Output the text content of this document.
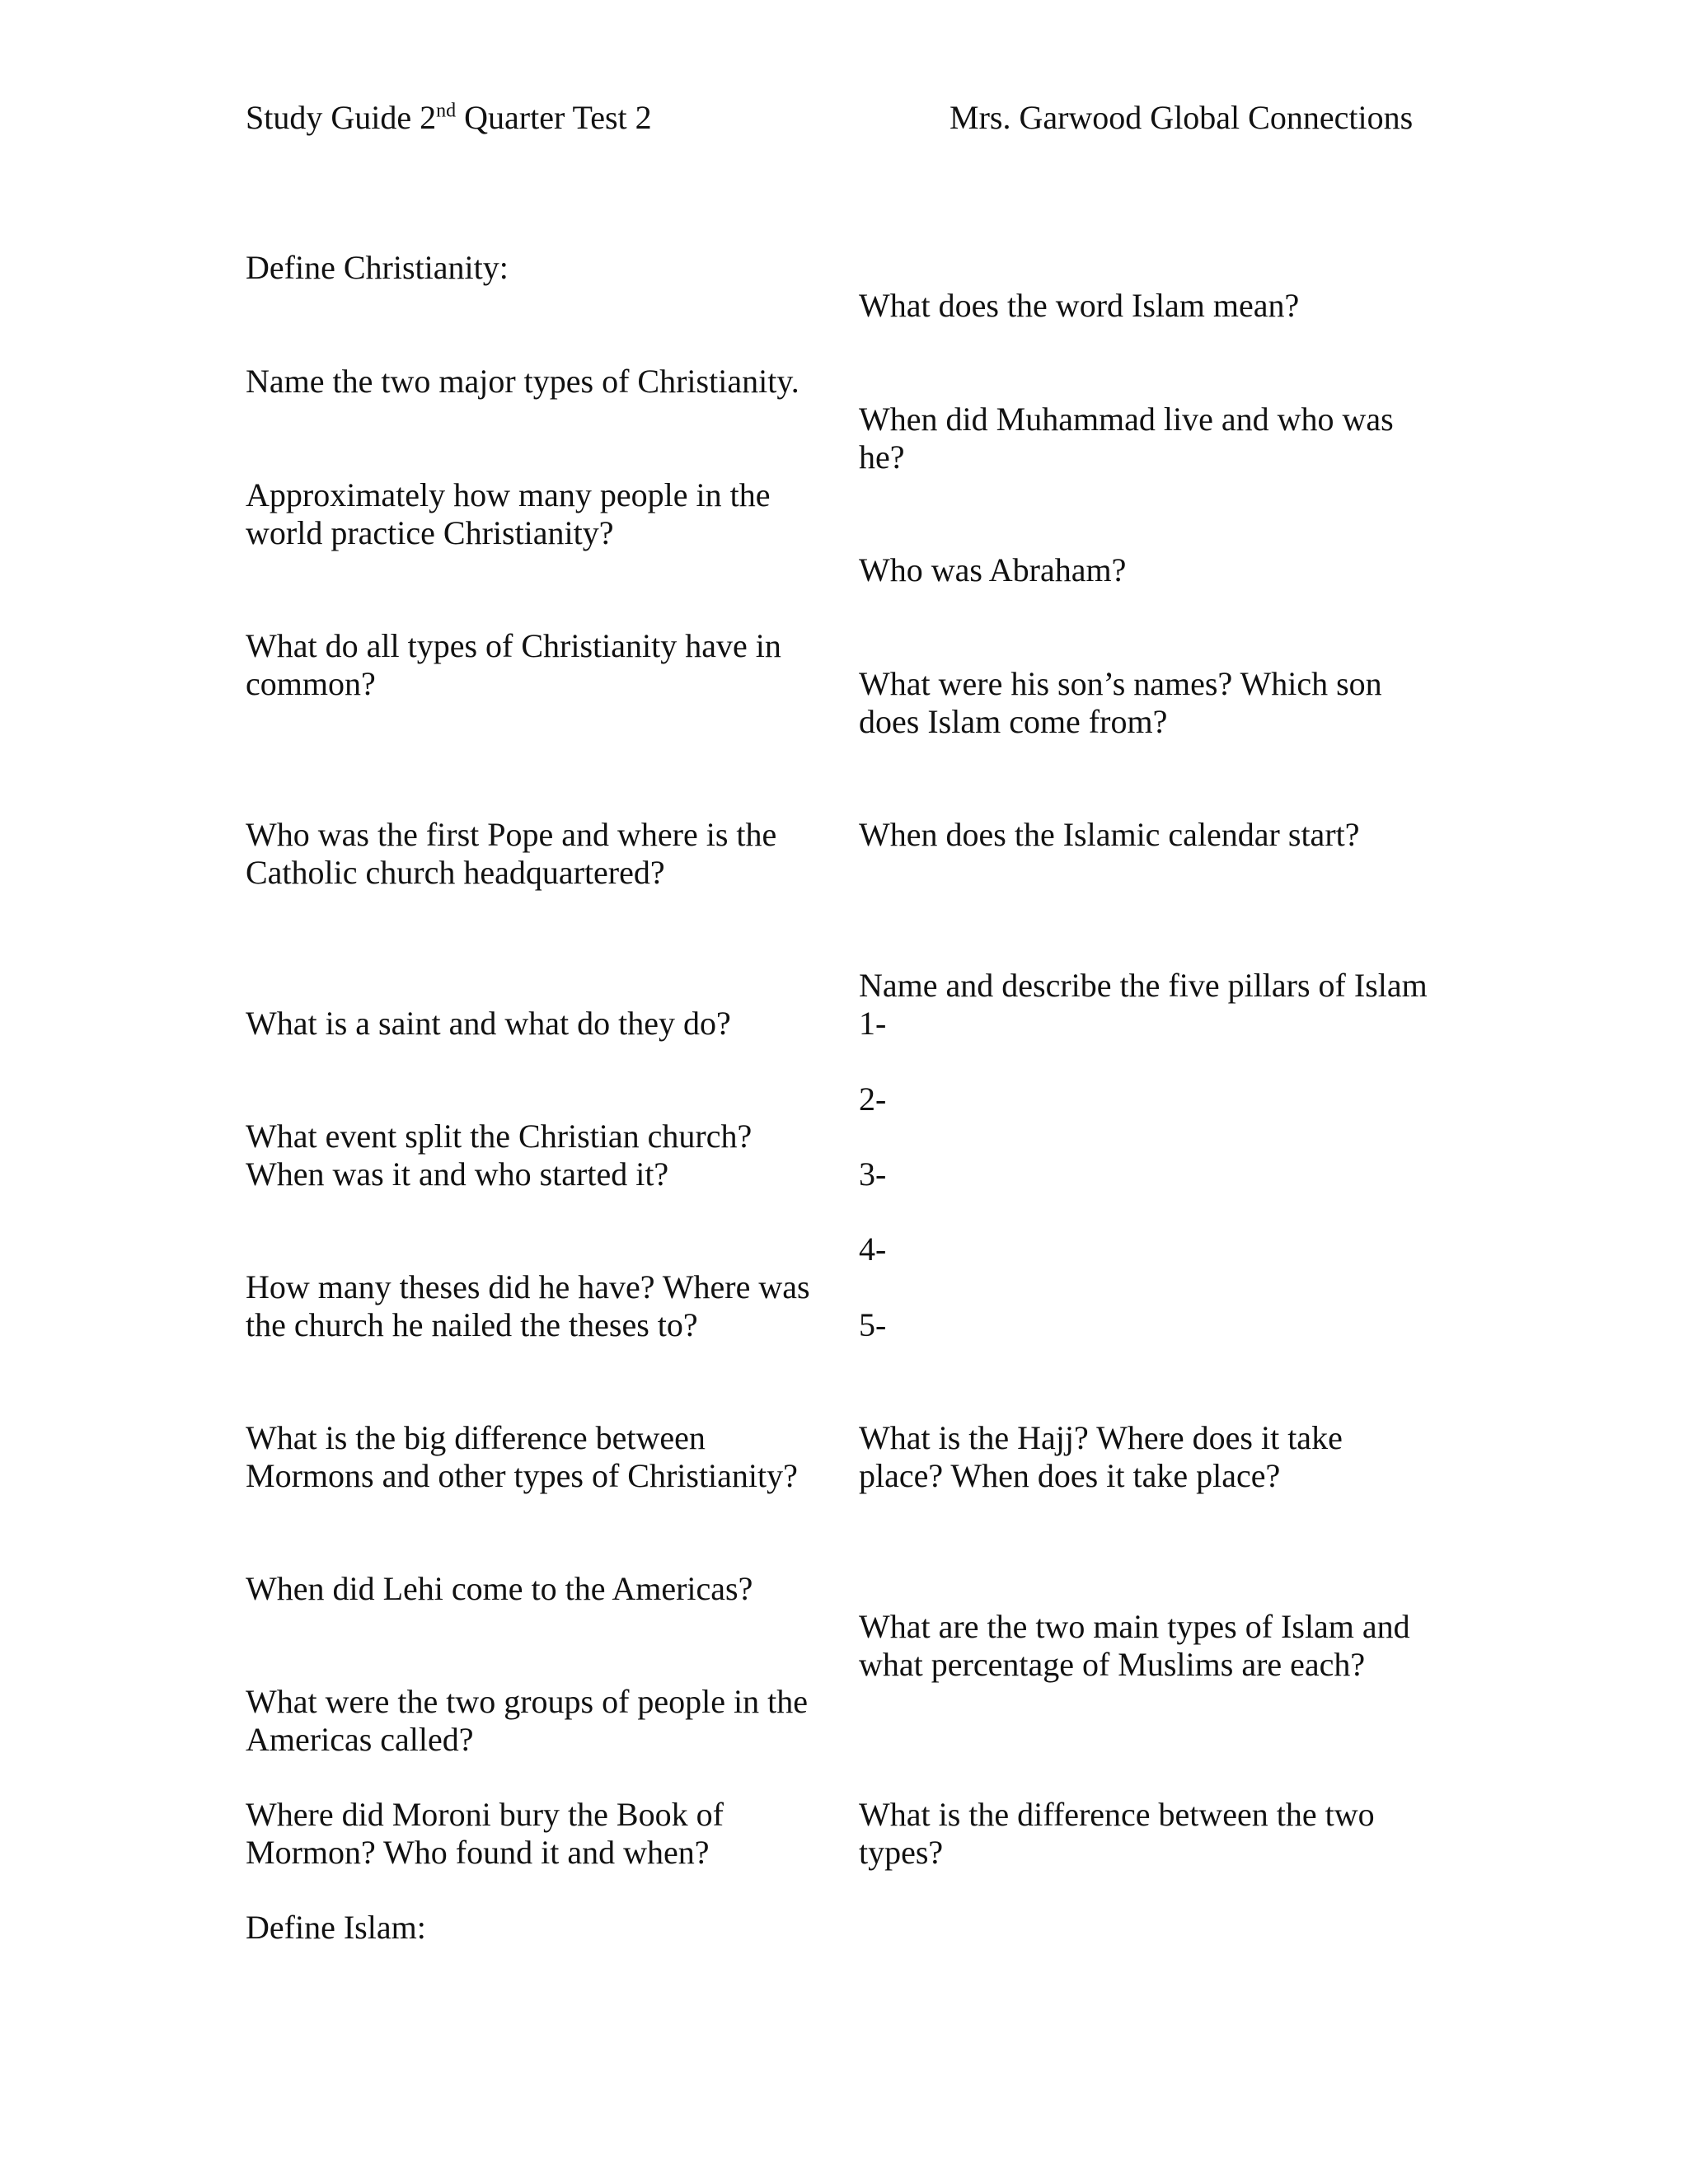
Study Guide 2nd Quarter Test 2	Mrs. Garwood Global Connections
Define Christianity:
Name the two major types of Christianity.
Approximately how many people in the
world practice Christianity?
What do all types of Christianity have in
common?
Who was the first Pope and where is the
Catholic church headquartered?
What is a saint and what do they do?
What event split the Christian church?
When was it and who started it?
How many theses did he have? Where was
the church he nailed the theses to?
What is the big difference between
Mormons and other types of Christianity?
When did Lehi come to the Americas?
What were the two groups of people in the
Americas called?
Where did Moroni bury the Book of
Mormon? Who found it and when?
Define Islam:
What does the word Islam mean?
When did Muhammad live and who was
he?
Who was Abraham?
What were his son’s names? Which son
does Islam come from?
When does the Islamic calendar start?
Name and describe the five pillars of Islam
1-
2-
3-
4-
5-
What is the Hajj? Where does it take
place? When does it take place?
What are the two main types of Islam and
what percentage of Muslims are each?
What is the difference between the two
types?
